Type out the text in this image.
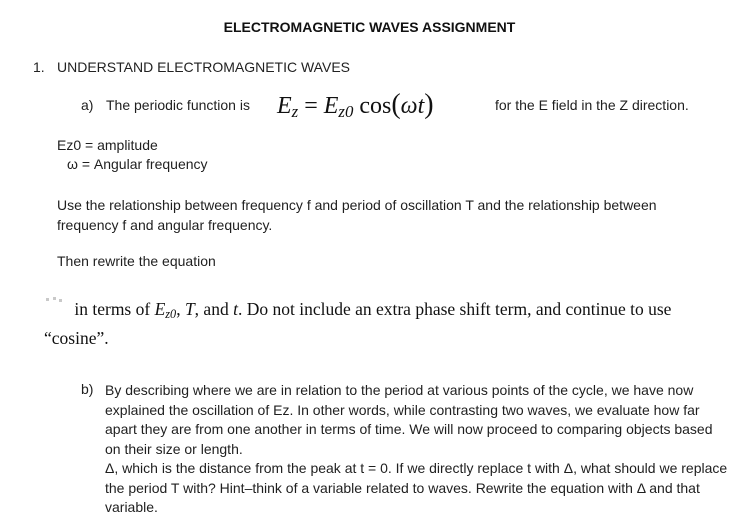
ELECTROMAGNETIC WAVES ASSIGNMENT
1. UNDERSTAND ELECTROMAGNETIC WAVES
a) The periodic function is $E_z = E_{z0}$ cos(ωt)	for the E field in the Z direction.
Ez0 = amplitude
ω = Angular frequency
Use the relationship between frequency f and period of oscillation T and the relationship between frequency f and angular frequency.
Then rewrite the equation
in terms of $E_{z0}$, T, and t. Do not include an extra phase shift term, and continue to use “cosine”.
b) By describing where we are in relation to the period at various points of the cycle, we have now explained the oscillation of Ez. In other words, while contrasting two waves, we evaluate how far apart they are from one another in terms of time. We will now proceed to comparing objects based on their size or length.
Δ, which is the distance from the peak at t = 0. If we directly replace t with Δ, what should we replace the period T with? Hint–think of a variable related to waves. Rewrite the equation with Δ and that variable.
